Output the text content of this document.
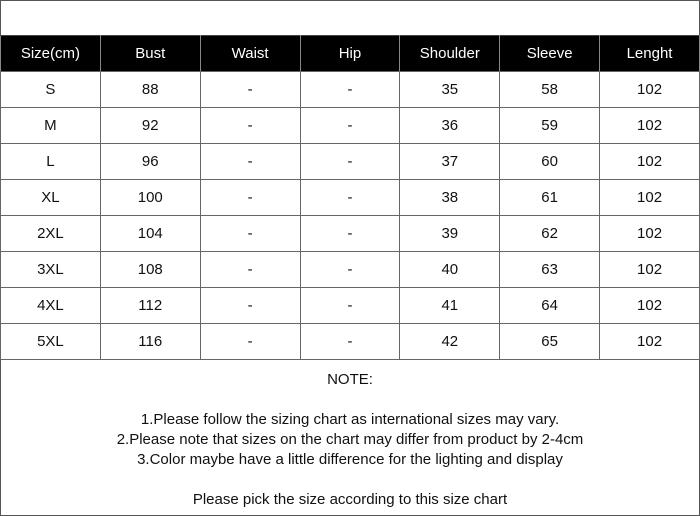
Size(cm)	Bust	Waist	Hip	Shoulder	Sleeve	Lenght
S	88	-	-	35	58	102
M	92	-	-	36	59	102
L	96	-	-	37	60	102
XL	100	-	-	38	61	102
2XL	104	-	-	39	62	102
3XL	108	-	-	40	63	102
4XL	112	-	-	41	64	102
5XL	116	-	-	42	65	102
NOTE:
1.Please follow the sizing chart as international sizes may vary.
2.Please note that sizes on the chart may differ from product by 2-4cm
3.Color maybe have a little difference for the lighting and display
Please pick the size according to this size chart
